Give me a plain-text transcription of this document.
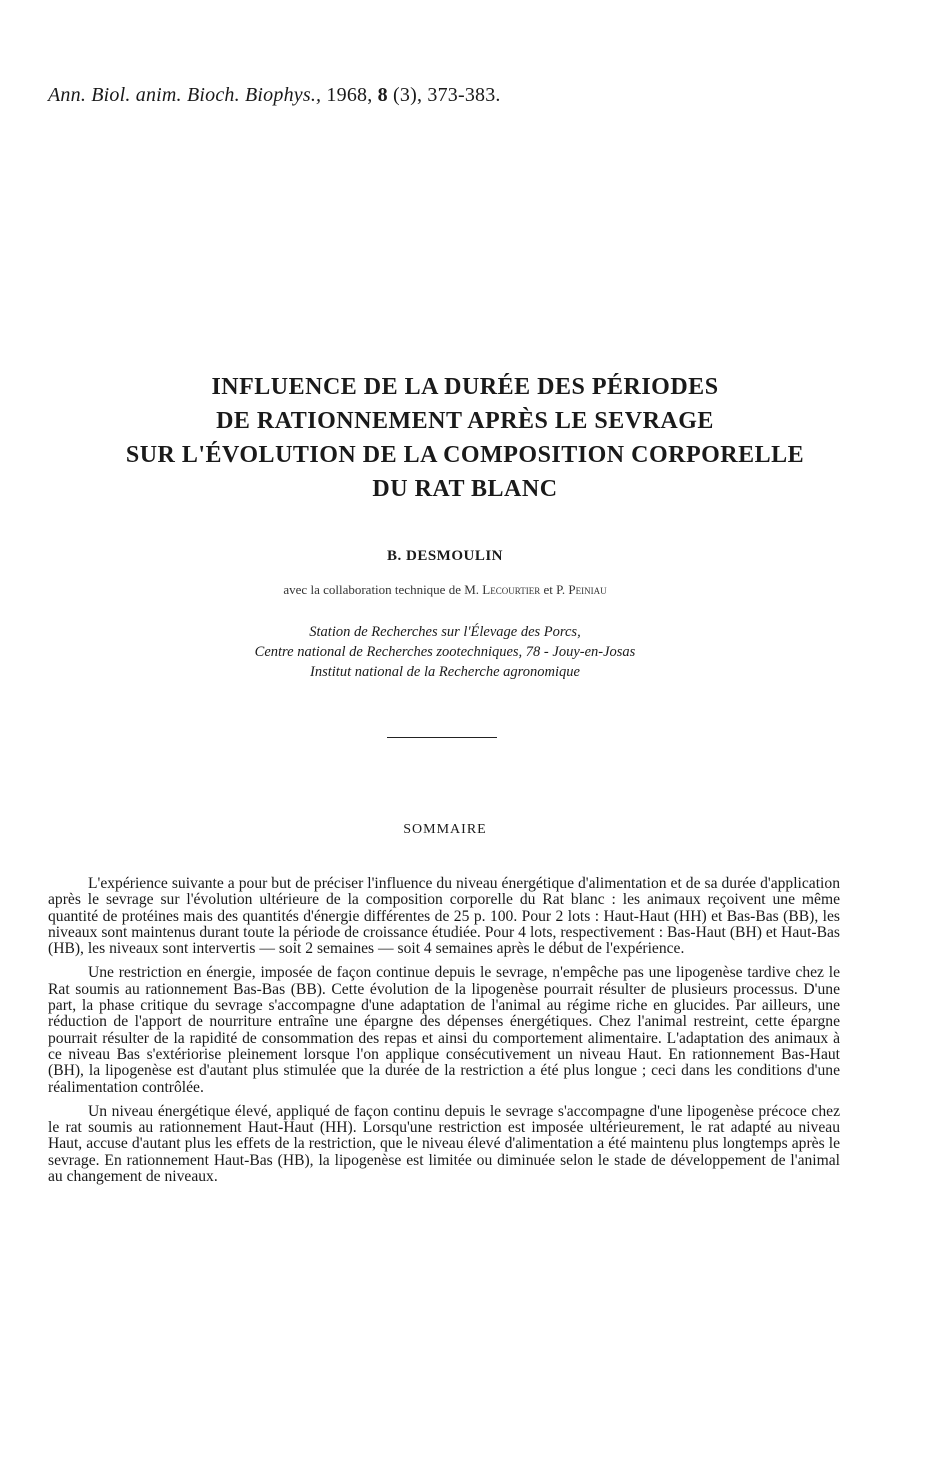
Ann. Biol. anim. Bioch. Biophys., 1968, 8 (3), 373-383.
INFLUENCE DE LA DURÉE DES PÉRIODES
DE RATIONNEMENT APRÈS LE SEVRAGE
SUR L'ÉVOLUTION DE LA COMPOSITION CORPORELLE
DU RAT BLANC
B. DESMOULIN
avec la collaboration technique de M. Lecourtier et P. Peiniau
Station de Recherches sur l'Élevage des Porcs,
Centre national de Recherches zootechniques, 78 - Jouy-en-Josas
Institut national de la Recherche agronomique
SOMMAIRE

L'expérience suivante a pour but de préciser l'influence du niveau énergétique d'alimentation et de sa durée d'application après le sevrage sur l'évolution ultérieure de la composition corporelle du Rat blanc : les animaux reçoivent une même quantité de protéines mais des quantités d'énergie différentes de 25 p. 100. Pour 2 lots : Haut-Haut (HH) et Bas-Bas (BB), les niveaux sont maintenus durant toute la période de croissance étudiée. Pour 4 lots, respectivement : Bas-Haut (BH) et Haut-Bas (HB), les niveaux sont intervertis — soit 2 semaines — soit 4 semaines après le début de l'expérience.

Une restriction en énergie, imposée de façon continue depuis le sevrage, n'empêche pas une lipogenèse tardive chez le Rat soumis au rationnement Bas-Bas (BB). Cette évolution de la lipogenèse pourrait résulter de plusieurs processus. D'une part, la phase critique du sevrage s'accompagne d'une adaptation de l'animal au régime riche en glucides. Par ailleurs, une réduction de l'apport de nourriture entraîne une épargne des dépenses énergétiques. Chez l'animal restreint, cette épargne pourrait résulter de la rapidité de consommation des repas et ainsi du comportement alimentaire. L'adaptation des animaux à ce niveau Bas s'extériorise pleinement lorsque l'on applique consécutivement un niveau Haut. En rationnement Bas-Haut (BH), la lipogenèse est d'autant plus stimulée que la durée de la restriction a été plus longue ; ceci dans les conditions d'une réalimentation contrôlée.

Un niveau énergétique élevé, appliqué de façon continu depuis le sevrage s'accompagne d'une lipogenèse précoce chez le rat soumis au rationnement Haut-Haut (HH). Lorsqu'une restriction est imposée ultérieurement, le rat adapté au niveau Haut, accuse d'autant plus les effets de la restriction, que le niveau élevé d'alimentation a été maintenu plus longtemps après le sevrage. En rationnement Haut-Bas (HB), la lipogenèse est limitée ou diminuée selon le stade de développement de l'animal au changement de niveaux.
